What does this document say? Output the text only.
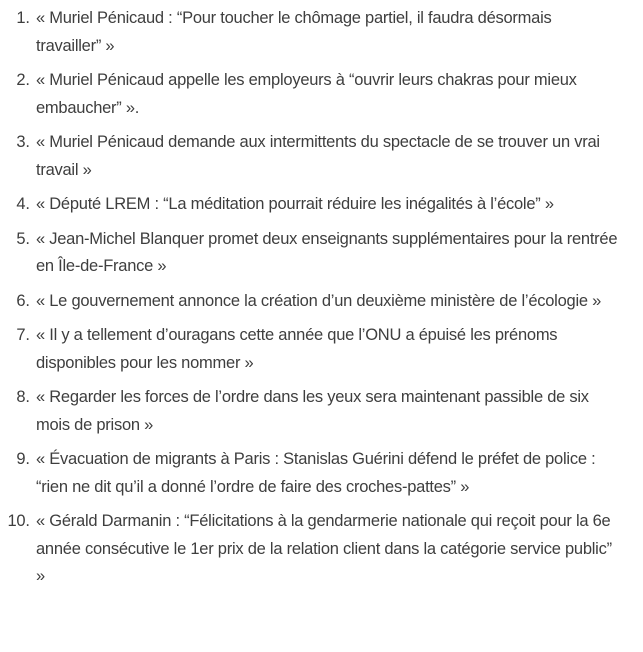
1. « Muriel Pénicaud : “Pour toucher le chômage partiel, il faudra désormais travailler” »
2. « Muriel Pénicaud appelle les employeurs à “ouvrir leurs chakras pour mieux embaucher” ».
3. « Muriel Pénicaud demande aux intermittents du spectacle de se trouver un vrai travail »
4. « Député LREM : “La méditation pourrait réduire les inégalités à l’école” »
5. « Jean-Michel Blanquer promet deux enseignants supplémentaires pour la rentrée en Île-de-France »
6. « Le gouvernement annonce la création d’un deuxième ministère de l’écologie »
7. « Il y a tellement d’ouragans cette année que l’ONU a épuisé les prénoms disponibles pour les nommer »
8. « Regarder les forces de l’ordre dans les yeux sera maintenant passible de six mois de prison »
9. « Évacuation de migrants à Paris : Stanislas Guérini défend le préfet de police : “rien ne dit qu’il a donné l’ordre de faire des croches-pattes” »
10. « Gérald Darmanin : “Félicitations à la gendarmerie nationale qui reçoit pour la 6e année consécutive le 1er prix de la relation client dans la catégorie service public” »
